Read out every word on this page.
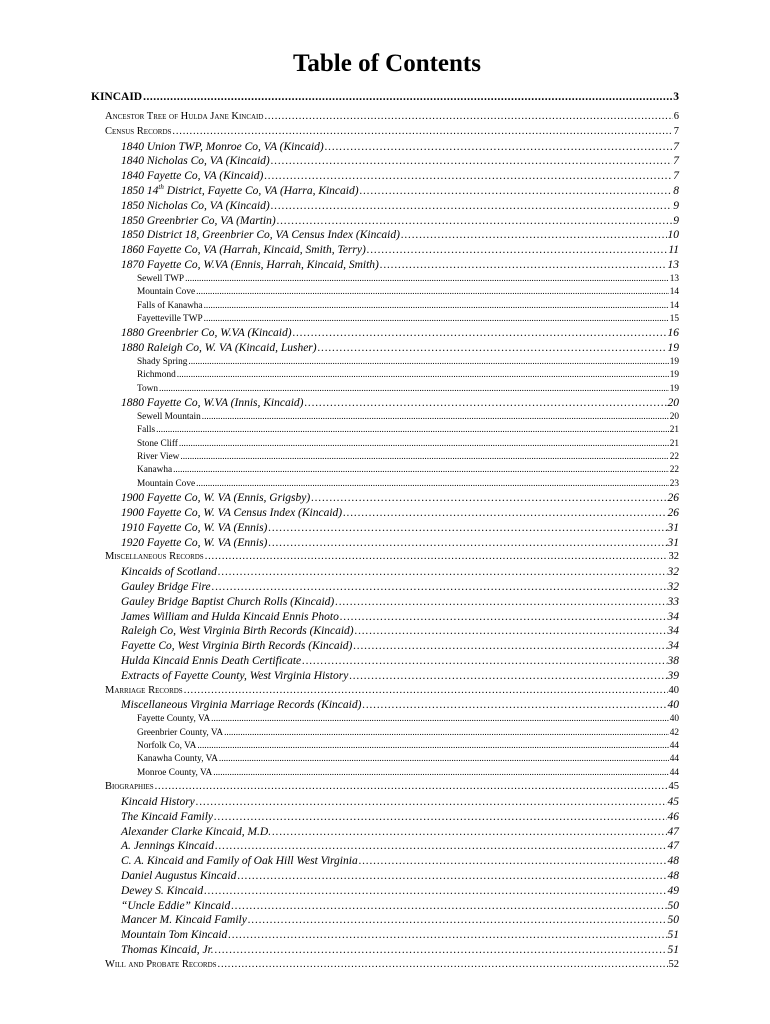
Table of Contents
KINCAID .....	3
Ancestor Tree of Hulda Jane Kincaid .....	6
Census Records .....	7
1840 Union TWP, Monroe Co, VA (Kincaid) .....	7
1840 Nicholas Co, VA (Kincaid) .....	7
1840 Fayette Co, VA (Kincaid) .....	7
1850 14th District, Fayette Co, VA (Harra, Kincaid) .....	8
1850 Nicholas Co, VA (Kincaid) .....	9
1850 Greenbrier Co, VA (Martin) .....	9
1850 District 18, Greenbrier Co, VA Census Index (Kincaid) .....	10
1860 Fayette Co, VA (Harrah, Kincaid, Smith, Terry) .....	11
1870 Fayette Co, W.VA (Ennis, Harrah, Kincaid, Smith) .....	13
Sewell TWP .....	13
Mountain Cove .....	14
Falls of Kanawha .....	14
Fayetteville TWP .....	15
1880 Greenbrier Co, W.VA (Kincaid) .....	16
1880 Raleigh Co, W. VA (Kincaid, Lusher) .....	19
Shady Spring .....	19
Richmond .....	19
Town .....	19
1880 Fayette Co, W.VA (Innis, Kincaid) .....	20
Sewell Mountain .....	20
Falls .....	21
Stone Cliff .....	21
River View .....	22
Kanawha .....	22
Mountain Cove .....	23
1900 Fayette Co, W. VA (Ennis, Grigsby) .....	26
1900 Fayette Co, W. VA Census Index (Kincaid) .....	26
1910 Fayette Co, W. VA (Ennis) .....	31
1920 Fayette Co, W. VA (Ennis) .....	31
Miscellaneous Records .....	32
Kincaids of Scotland .....	32
Gauley Bridge Fire .....	32
Gauley Bridge Baptist Church Rolls (Kincaid) .....	33
James William and Hulda Kincaid Ennis Photo .....	34
Raleigh Co, West Virginia Birth Records (Kincaid) .....	34
Fayette Co, West Virginia Birth Records (Kincaid) .....	34
Hulda Kincaid Ennis Death Certificate .....	38
Extracts of Fayette County, West Virginia History .....	39
Marriage Records .....	40
Miscellaneous Virginia Marriage Records (Kincaid) .....	40
Fayette County, VA .....	40
Greenbrier County, VA .....	42
Norfolk Co, VA .....	44
Kanawha County, VA .....	44
Monroe County, VA .....	44
Biographies .....	45
Kincaid History .....	45
The Kincaid Family .....	46
Alexander Clarke Kincaid, M.D. .....	47
A. Jennings Kincaid .....	47
C. A. Kincaid and Family of Oak Hill West Virginia .....	48
Daniel Augustus Kincaid .....	48
Dewey S. Kincaid .....	49
“Uncle Eddie” Kincaid .....	50
Mancer M. Kincaid Family .....	50
Mountain Tom Kincaid .....	51
Thomas Kincaid, Jr. .....	51
Will and Probate Records .....	52
